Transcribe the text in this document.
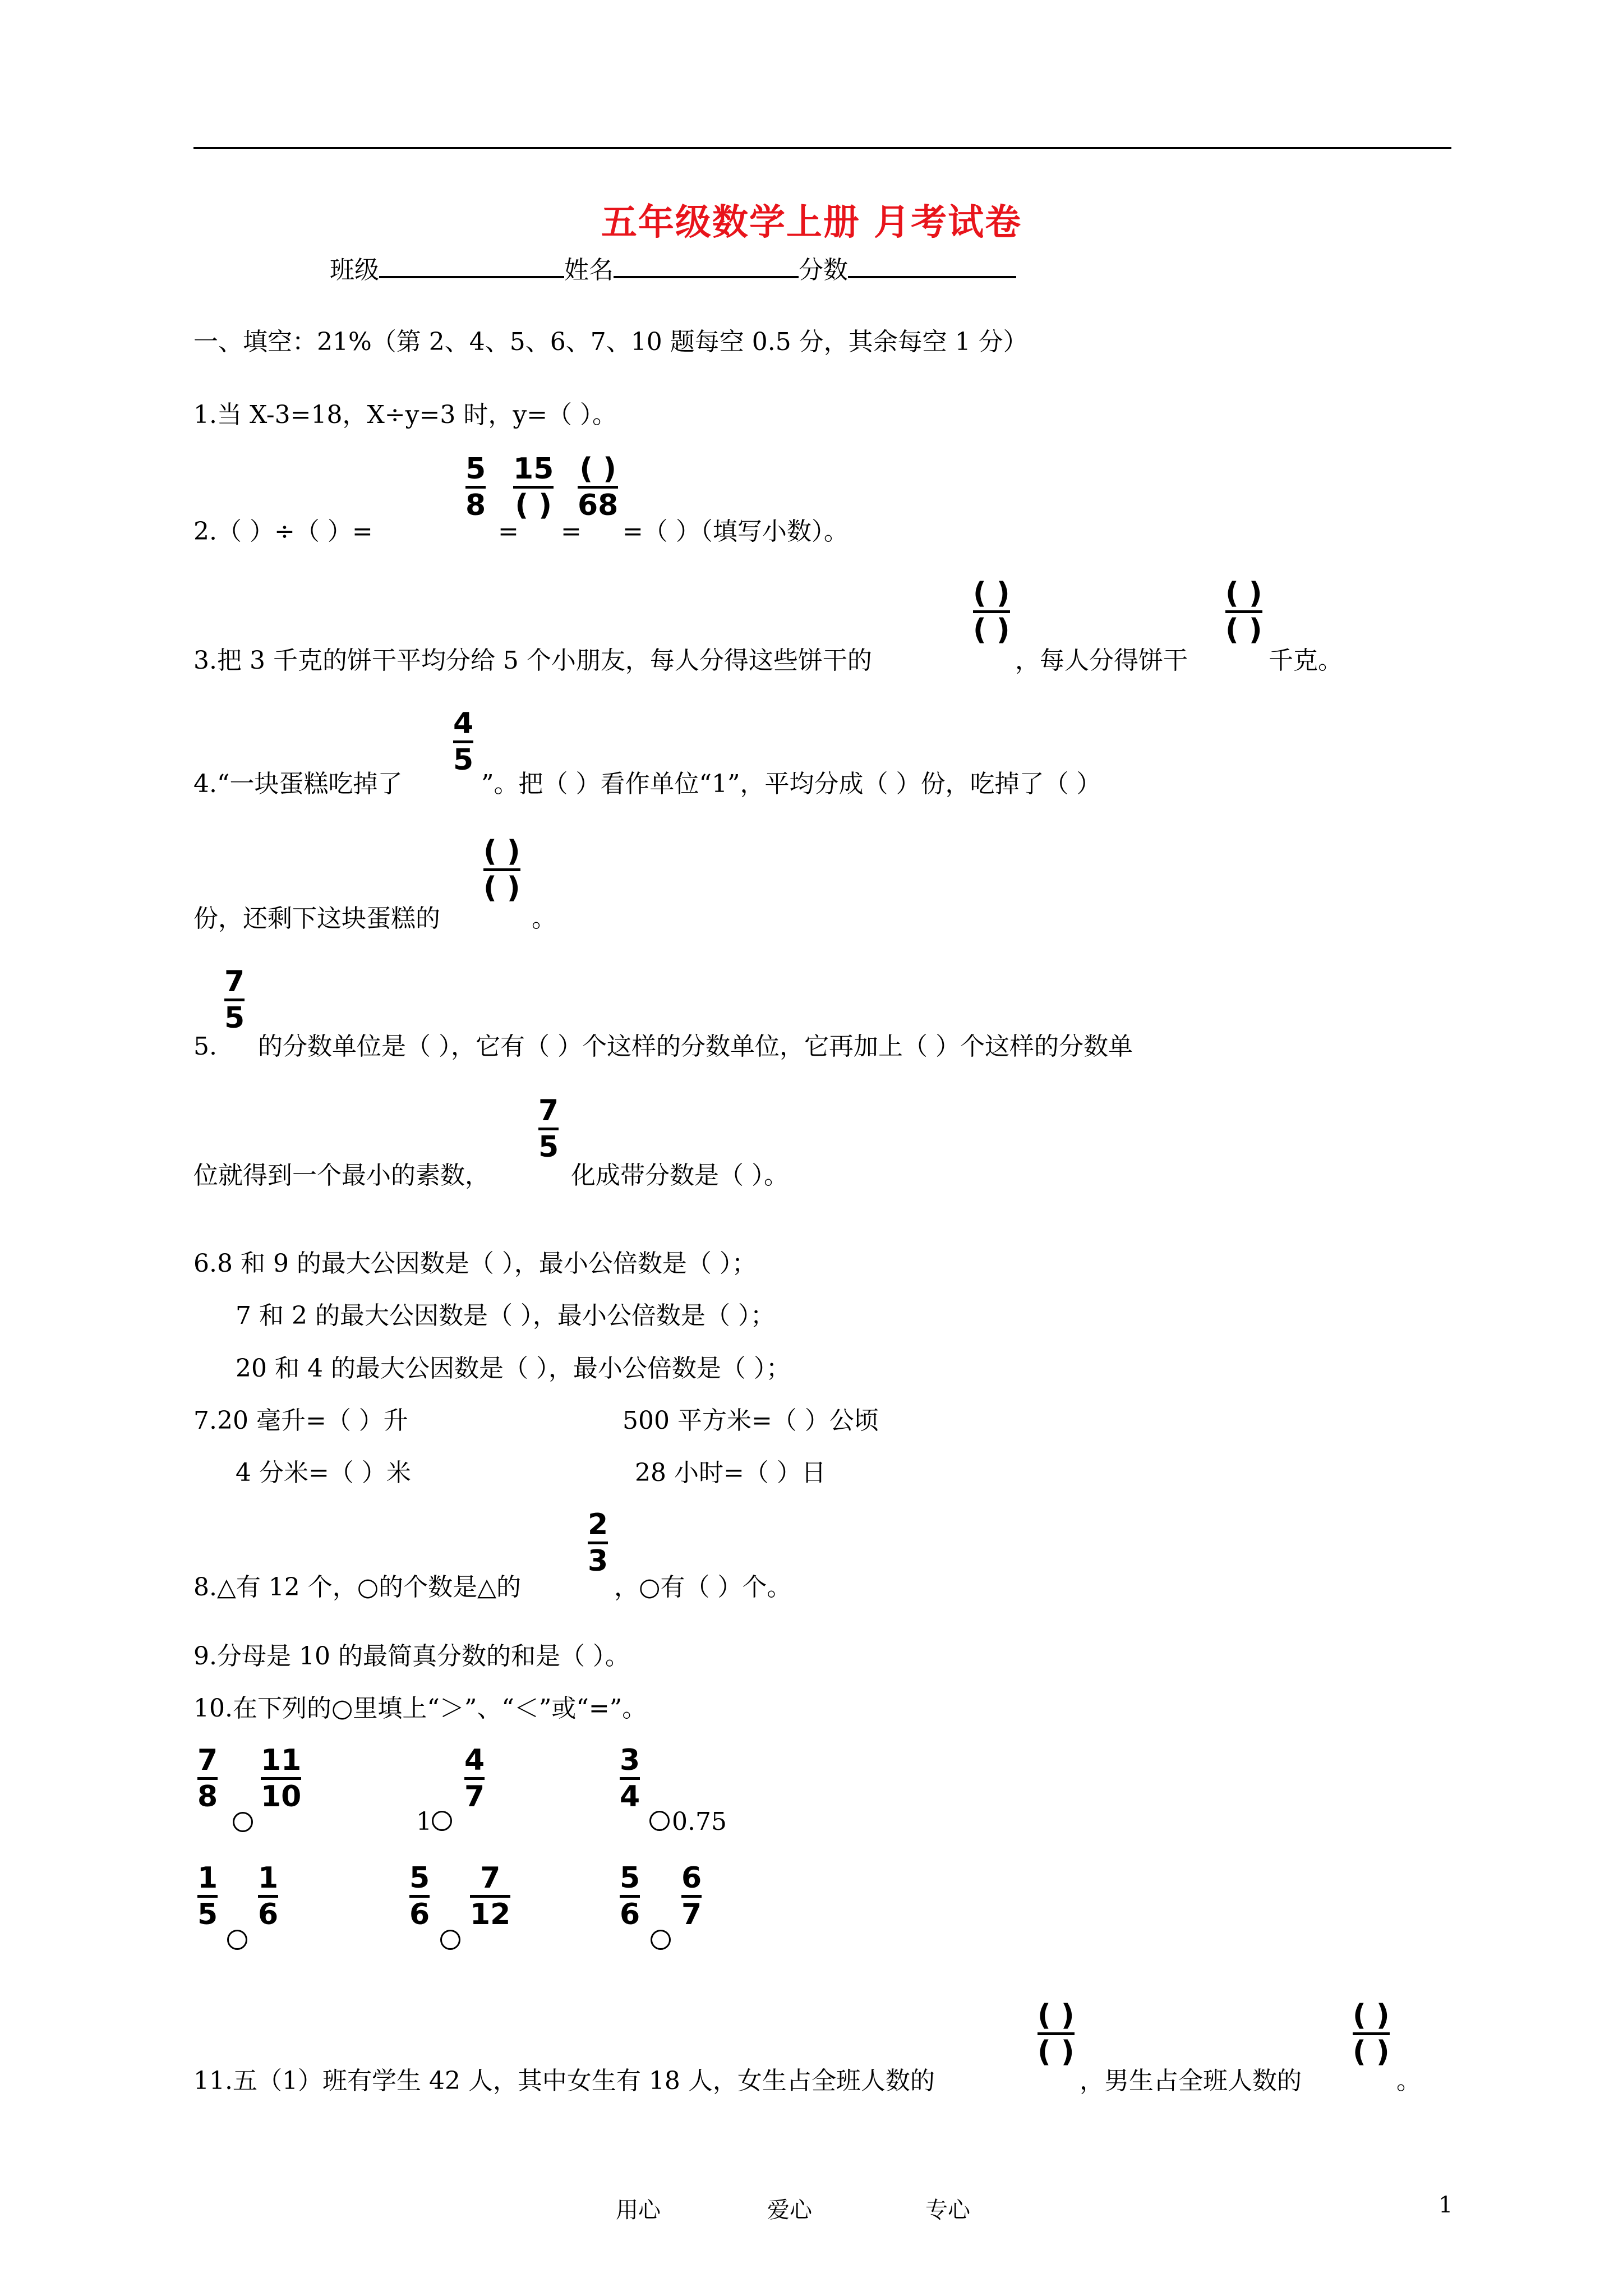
五年级数学上册 月考试卷
班级	姓名	分数
一、填空：21%（第 2、4、5、6、7、10 题每空 0.5 分，其余每空 1 分）
1.当 X-3=18，X÷y=3 时，y=（ ）。
2.（ ）÷（ ）=
5
8
=
15
( )
=
( )
68
=（ ）（填写小数）。
3.把 3 千克的饼干平均分给 5 个小朋友，每人分得这些饼干的
( )
( )
，每人分得饼干
( )
( )
千克。
4.“一块蛋糕吃掉了
4
5
”。把（ ）看作单位“1”，平均分成（ ）份，吃掉了（ ）
份，还剩下这块蛋糕的
( )
( )
。
5.
7
5
的分数单位是（ ），它有（ ）个这样的分数单位，它再加上（ ）个这样的分数单
位就得到一个最小的素数，
7
5
化成带分数是（ ）。
6.8 和 9 的最大公因数是（ ），最小公倍数是（ ）；
7 和 2 的最大公因数是（ ），最小公倍数是（ ）；
20 和 4 的最大公因数是（ ），最小公倍数是（ ）；
7.20 毫升=（ ）升	500 平方米=（ ）公顷
4 分米=（ ）米	28 小时=（ ）日
8.△有 12 个，○的个数是△的
2
3
，○有（ ）个。
9.分母是 10 的最简真分数的和是（ ）。
10.在下列的○里填上“＞”、“＜”或“=”。
7
8
11
10
1
4
7
3
4
0.75
1
5
1
6
5
6
7
12
5
6
6
7
11.五（1）班有学生 42 人，其中女生有 18 人，女生占全班人数的
( )
( )
，男生占全班人数的
( )
( )
。
用心	爱心	专心	1
